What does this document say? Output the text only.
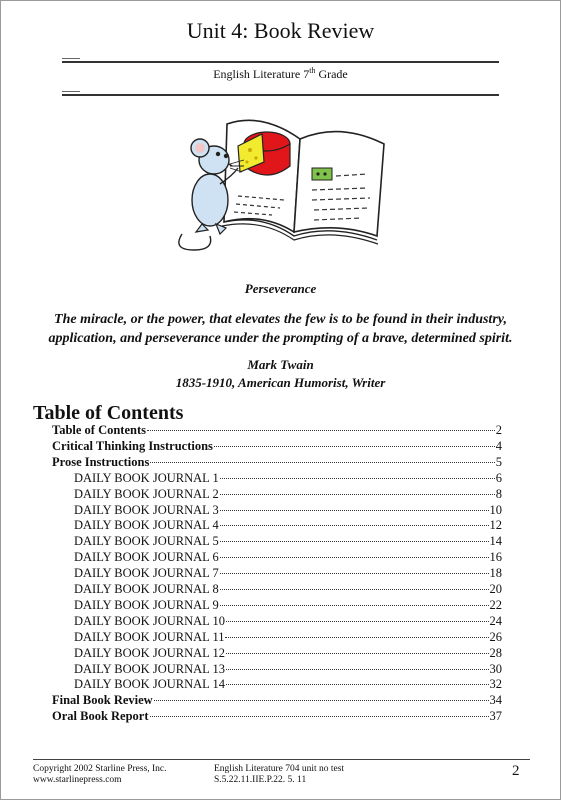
Unit 4: Book Review
English Literature 7th Grade
Perseverance
The miracle, or the power, that elevates the few is to be found in their industry, application, and perseverance under the prompting of a brave, determined spirit.
Mark Twain
1835-1910, American Humorist, Writer
Table of Contents
Table of Contents	2
Critical Thinking Instructions	4
Prose Instructions	5
DAILY BOOK JOURNAL 1	6
DAILY BOOK JOURNAL 2	8
DAILY BOOK JOURNAL 3	10
DAILY BOOK JOURNAL 4	12
DAILY BOOK JOURNAL 5	14
DAILY BOOK JOURNAL 6	16
DAILY BOOK JOURNAL 7	18
DAILY BOOK JOURNAL 8	20
DAILY BOOK JOURNAL 9	22
DAILY BOOK JOURNAL 10	24
DAILY BOOK JOURNAL 11	26
DAILY BOOK JOURNAL 12	28
DAILY BOOK JOURNAL 13	30
DAILY BOOK JOURNAL 14	32
Final Book Review	34
Oral Book Report	37
Copyright 2002 Starline Press, Inc.
www.starlinepress.com
English Literature 704 unit no test
S.5.22.11.IIE.P.22. 5. 11
2
